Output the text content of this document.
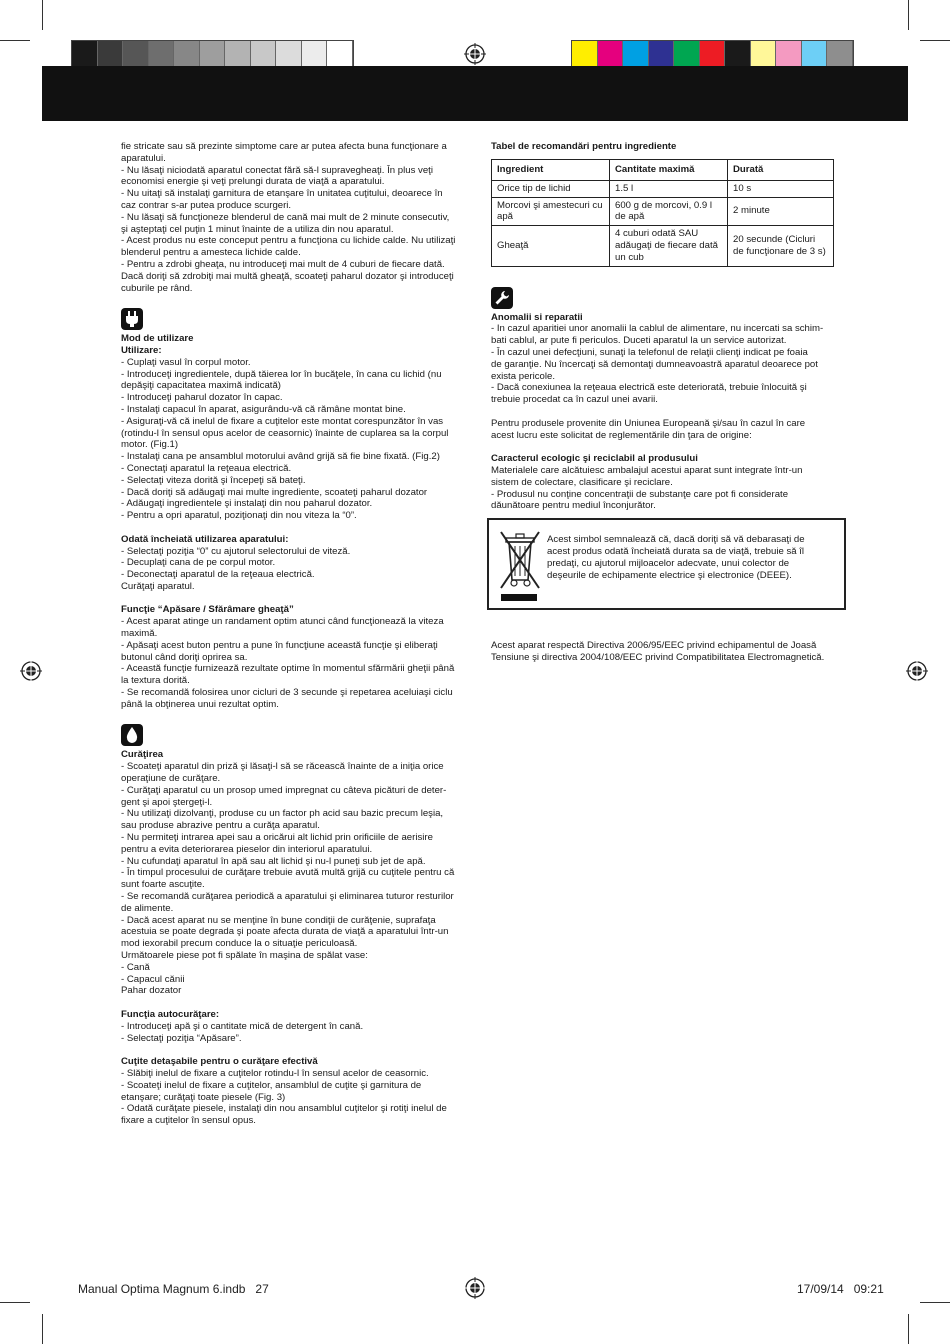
fie stricate sau să prezinte simptome care ar putea afecta buna funcţionare a

aparatului.

- Nu lăsaţi niciodată aparatul conectat fără să-l supravegheaţi. În plus veţi

economisi energie şi veţi prelungi durata de viaţă a aparatului.

- Nu uitaţi să instalaţi garnitura de etanşare în unitatea cuţitului, deoarece în

caz contrar s-ar putea produce scurgeri.

- Nu lăsaţi să funcţioneze blenderul de cană mai mult de 2 minute consecutiv,

şi aşteptaţi cel puţin 1 minut înainte de a utiliza din nou aparatul.

- Acest produs nu este conceput pentru a funcţiona cu lichide calde. Nu utilizaţi

blenderul pentru a amesteca lichide calde.

- Pentru a zdrobi gheaţa, nu introduceţi mai mult de 4 cuburi de fiecare dată.

Dacă doriţi să zdrobiţi mai multă gheaţă, scoateţi paharul dozator şi introduceţi

cuburile pe rând.

Mod de utilizare

Utilizare:

- Cuplaţi vasul în corpul motor.

- Introduceţi ingredientele, după tăierea lor în bucăţele, în cana cu lichid (nu

depăşiţi capacitatea maximă indicată)

- Introduceţi paharul dozator în capac.

- Instalaţi capacul în aparat, asigurându-vă că rămâne montat bine.

- Asiguraţi-vă că inelul de fixare a cuţitelor este montat corespunzător în vas

(rotindu-l în sensul opus acelor de ceasornic) înainte de cuplarea sa la corpul

motor. (Fig.1)

- Instalaţi cana pe ansamblul motorului având grijă să fie bine fixată. (Fig.2)

- Conectaţi aparatul la reţeaua electrică.

- Selectaţi viteza dorită şi începeţi să bateţi.

- Dacă doriţi să adăugaţi mai multe ingrediente, scoateţi paharul dozator

- Adăugaţi ingredientele şi instalaţi din nou paharul dozator.

- Pentru a opri aparatul, poziţionaţi din nou viteza la “0”.

Odată încheiată utilizarea aparatului:

- Selectaţi poziţia “0” cu ajutorul selectorului de viteză.

- Decuplaţi cana de pe corpul motor.

- Deconectaţi aparatul de la reţeaua electrică.

Curăţaţi aparatul.

Funcţie “Apăsare / Sfărâmare gheaţă”

- Acest aparat atinge un randament optim atunci când funcţionează la viteza

maximă.

- Apăsaţi acest buton pentru a pune în funcţiune această funcţie şi eliberaţi

butonul când doriţi oprirea sa.

- Această funcţie furnizează rezultate optime în momentul sfărmării gheţii până

la textura dorită.

- Se recomandă folosirea unor cicluri de 3 secunde şi repetarea aceluiaşi ciclu

până la obţinerea unui rezultat optim.

Curăţirea

- Scoateţi aparatul din priză şi lăsaţi-l să se răcească înainte de a iniţia orice

operaţiune de curăţare.

- Curăţaţi aparatul cu un prosop umed impregnat cu câteva picături de deter-

gent şi apoi ştergeţi-l.

- Nu utilizaţi dizolvanţi, produse cu un factor ph acid sau bazic precum leşia,

sau produse abrazive pentru a curăţa aparatul.

- Nu permiteţi intrarea apei sau a oricărui alt lichid prin orificiile de aerisire

pentru a evita deteriorarea pieselor din interiorul aparatului.

- Nu cufundaţi aparatul în apă sau alt lichid şi nu-l puneţi sub jet de apă.

- În timpul procesului de curăţare trebuie avută multă grijă cu cuţitele pentru că

sunt foarte ascuţite.

- Se recomandă curăţarea periodică a aparatului şi eliminarea tuturor resturilor

de alimente.

- Dacă acest aparat nu se menţine în bune condiţii de curăţenie, suprafaţa

acestuia se poate degrada şi poate afecta durata de viaţă a aparatului într-un

mod iexorabil precum conduce la o situaţie periculoasă.

Următoarele piese pot fi spălate în maşina de spălat vase:

- Cană

- Capacul cănii

Pahar dozator

Funcţia autocurăţare:

- Introduceţi apă şi o cantitate mică de detergent în cană.

- Selectaţi poziţia “Apăsare”.

Cuţite detaşabile pentru o curăţare efectivă

- Slăbiţi inelul de fixare a cuţitelor rotindu-l în sensul acelor de ceasornic.

- Scoateţi inelul de fixare a cuţitelor, ansamblul de cuţite şi garnitura de

etanşare; curăţaţi toate piesele (Fig. 3)

- Odată curăţate piesele, instalaţi din nou ansamblul cuţitelor şi rotiţi inelul de

fixare a cuţitelor în sensul opus.

Tabel de recomandări pentru ingrediente

Ingredient	Cantitate maximă	Durată
Orice tip de lichid	1.5 l	10 s
Morcovi şi amestecuri cu apă	600 g de morcovi, 0.9 l de apă	2 minute
Gheaţă	4 cuburi odată SAU adăugaţi de fiecare dată un cub	20 secunde (Cicluri de funcţionare de 3 s)

Anomalii si reparatii

- In cazul aparitiei unor anomalii la cablul de alimentare, nu incercati sa schim-

bati cablul, ar pute fi periculos. Duceti aparatul la un service autorizat.

- În cazul unei defecţiuni, sunaţi la telefonul de relaţii clienţi indicat pe foaia

de garanţie. Nu încercaţi să demontaţi dumneavoastră aparatul deoarece pot

exista pericole.

- Dacă conexiunea la reţeaua electrică este deteriorată, trebuie înlocuită şi

trebuie procedat ca în cazul unei avarii.

Pentru produsele provenite din Uniunea Europeană şi/sau în cazul în care

acest lucru este solicitat de reglementările din ţara de origine:

Caracterul ecologic şi reciclabil al produsului

Materialele care alcătuiesc ambalajul acestui aparat sunt integrate într-un

sistem de colectare, clasificare şi reciclare.

- Produsul nu conţine concentraţii de substanţe care pot fi considerate

dăunătoare pentru mediul înconjurător.

Acest simbol semnalează că, dacă doriţi să vă debarasaţi de

acest produs odată încheiată durata sa de viaţă, trebuie să îl

predaţi, cu ajutorul mijloacelor adecvate, unui colector de

deşeurile de echipamente electrice şi electronice (DEEE).

Acest aparat respectă Directiva 2006/95/EEC privind echipamentul de Joasă

Tensiune şi directiva 2004/108/EEC privind Compatibilitatea Electromagnetică.

Manual Optima Magnum 6.indb   27	17/09/14   09:21
